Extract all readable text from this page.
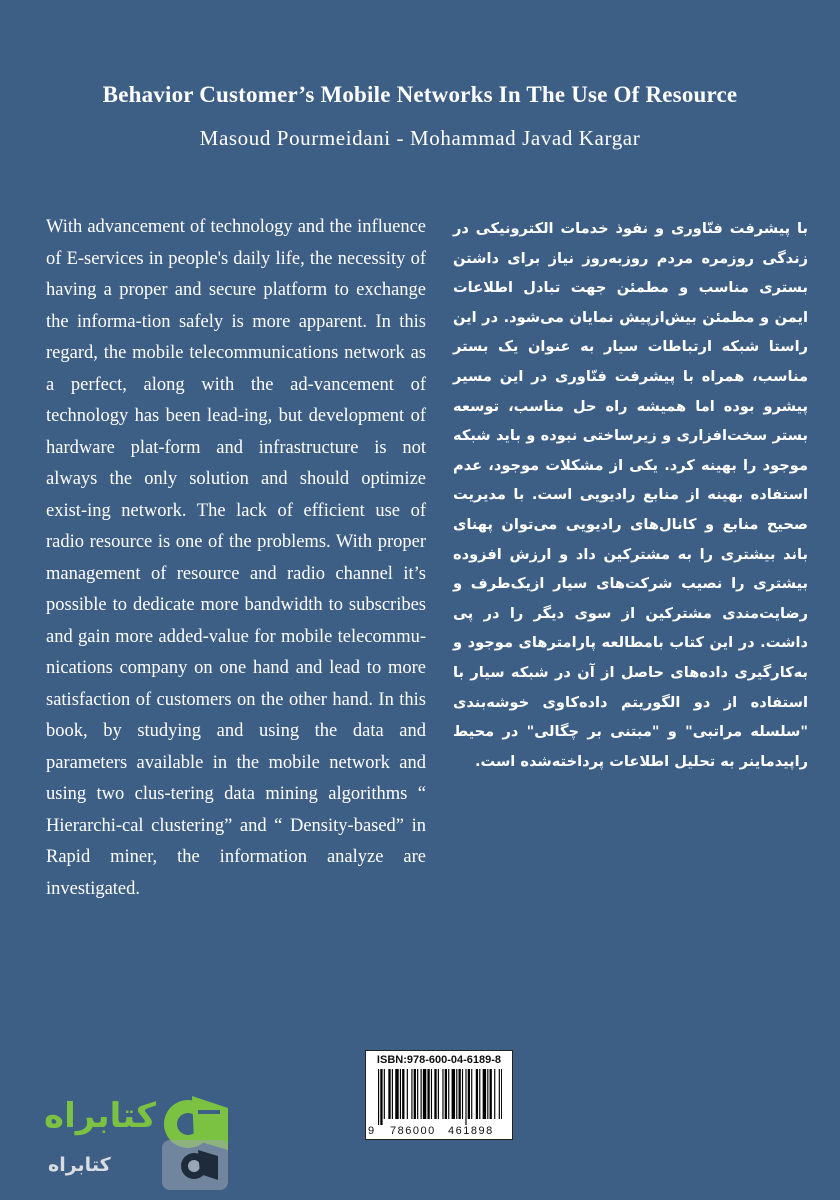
Behavior Customer’s Mobile Networks In The Use Of Resource
Masoud Pourmeidani - Mohammad Javad Kargar
With advancement of technology and the influence of E-services in people's daily life, the necessity of having a proper and secure platform to exchange the informa-tion safely is more apparent. In this regard, the mobile telecommunications network as a perfect, along with the ad-vancement of technology has been lead-ing, but development of hardware plat-form and infrastructure is not always the only solution and should optimize exist-ing network. The lack of efficient use of radio resource is one of the problems. With proper management of resource and radio channel it’s possible to dedicate more bandwidth to subscribes and gain more added-value for mobile telecommu-nications company on one hand and lead to more satisfaction of customers on the other hand. In this book, by studying and using the data and parameters available in the mobile network and using two clus-tering data mining algorithms “ Hierarchi-cal clustering” and “ Density-based” in Rapid miner, the information analyze are investigated.
با پیشرفت فنّاوری و نفوذ خدمات الکترونیکی در زندگی روزمره مردم روزبه‌روز نیاز برای داشتن بستری مناسب و مطمئن جهت تبادل اطلاعات ایمن و مطمئن بیش‌ازپیش نمایان می‌شود. در این راستا شبکه ارتباطات سیار به عنوان یک بستر مناسب، همراه با پیشرفت فنّاوری در این مسیر پیشرو بوده اما همیشه راه حل مناسب، توسعه بستر سخت‌افزاری و زیرساختی نبوده و باید شبکه موجود را بهینه کرد. یکی از مشکلات موجود، عدم استفاده بهینه از منابع رادیویی است. با مدیریت صحیح منابع و کانال‌های رادیویی می‌توان پهنای باند بیشتری را به مشترکین داد و ارزش افزوده بیشتری را نصیب شرکت‌های سیار ازیک‌طرف و رضایت‌مندی مشترکین از سوی دیگر را در پی داشت. در این کتاب بامطالعه پارامترهای موجود و به‌کارگیری داده‌های حاصل از آن در شبکه سیار با استفاده از دو الگوریتم داده‌کاوی خوشه‌بندی "سلسله مراتبی" و "مبتنی بر چگالی" در محیط راپیدماینر به تحلیل اطلاعات پرداخته‌شده است.
ISBN:978-600-04-6189-8
9 786000 461898
کتابراه
کتابراه
